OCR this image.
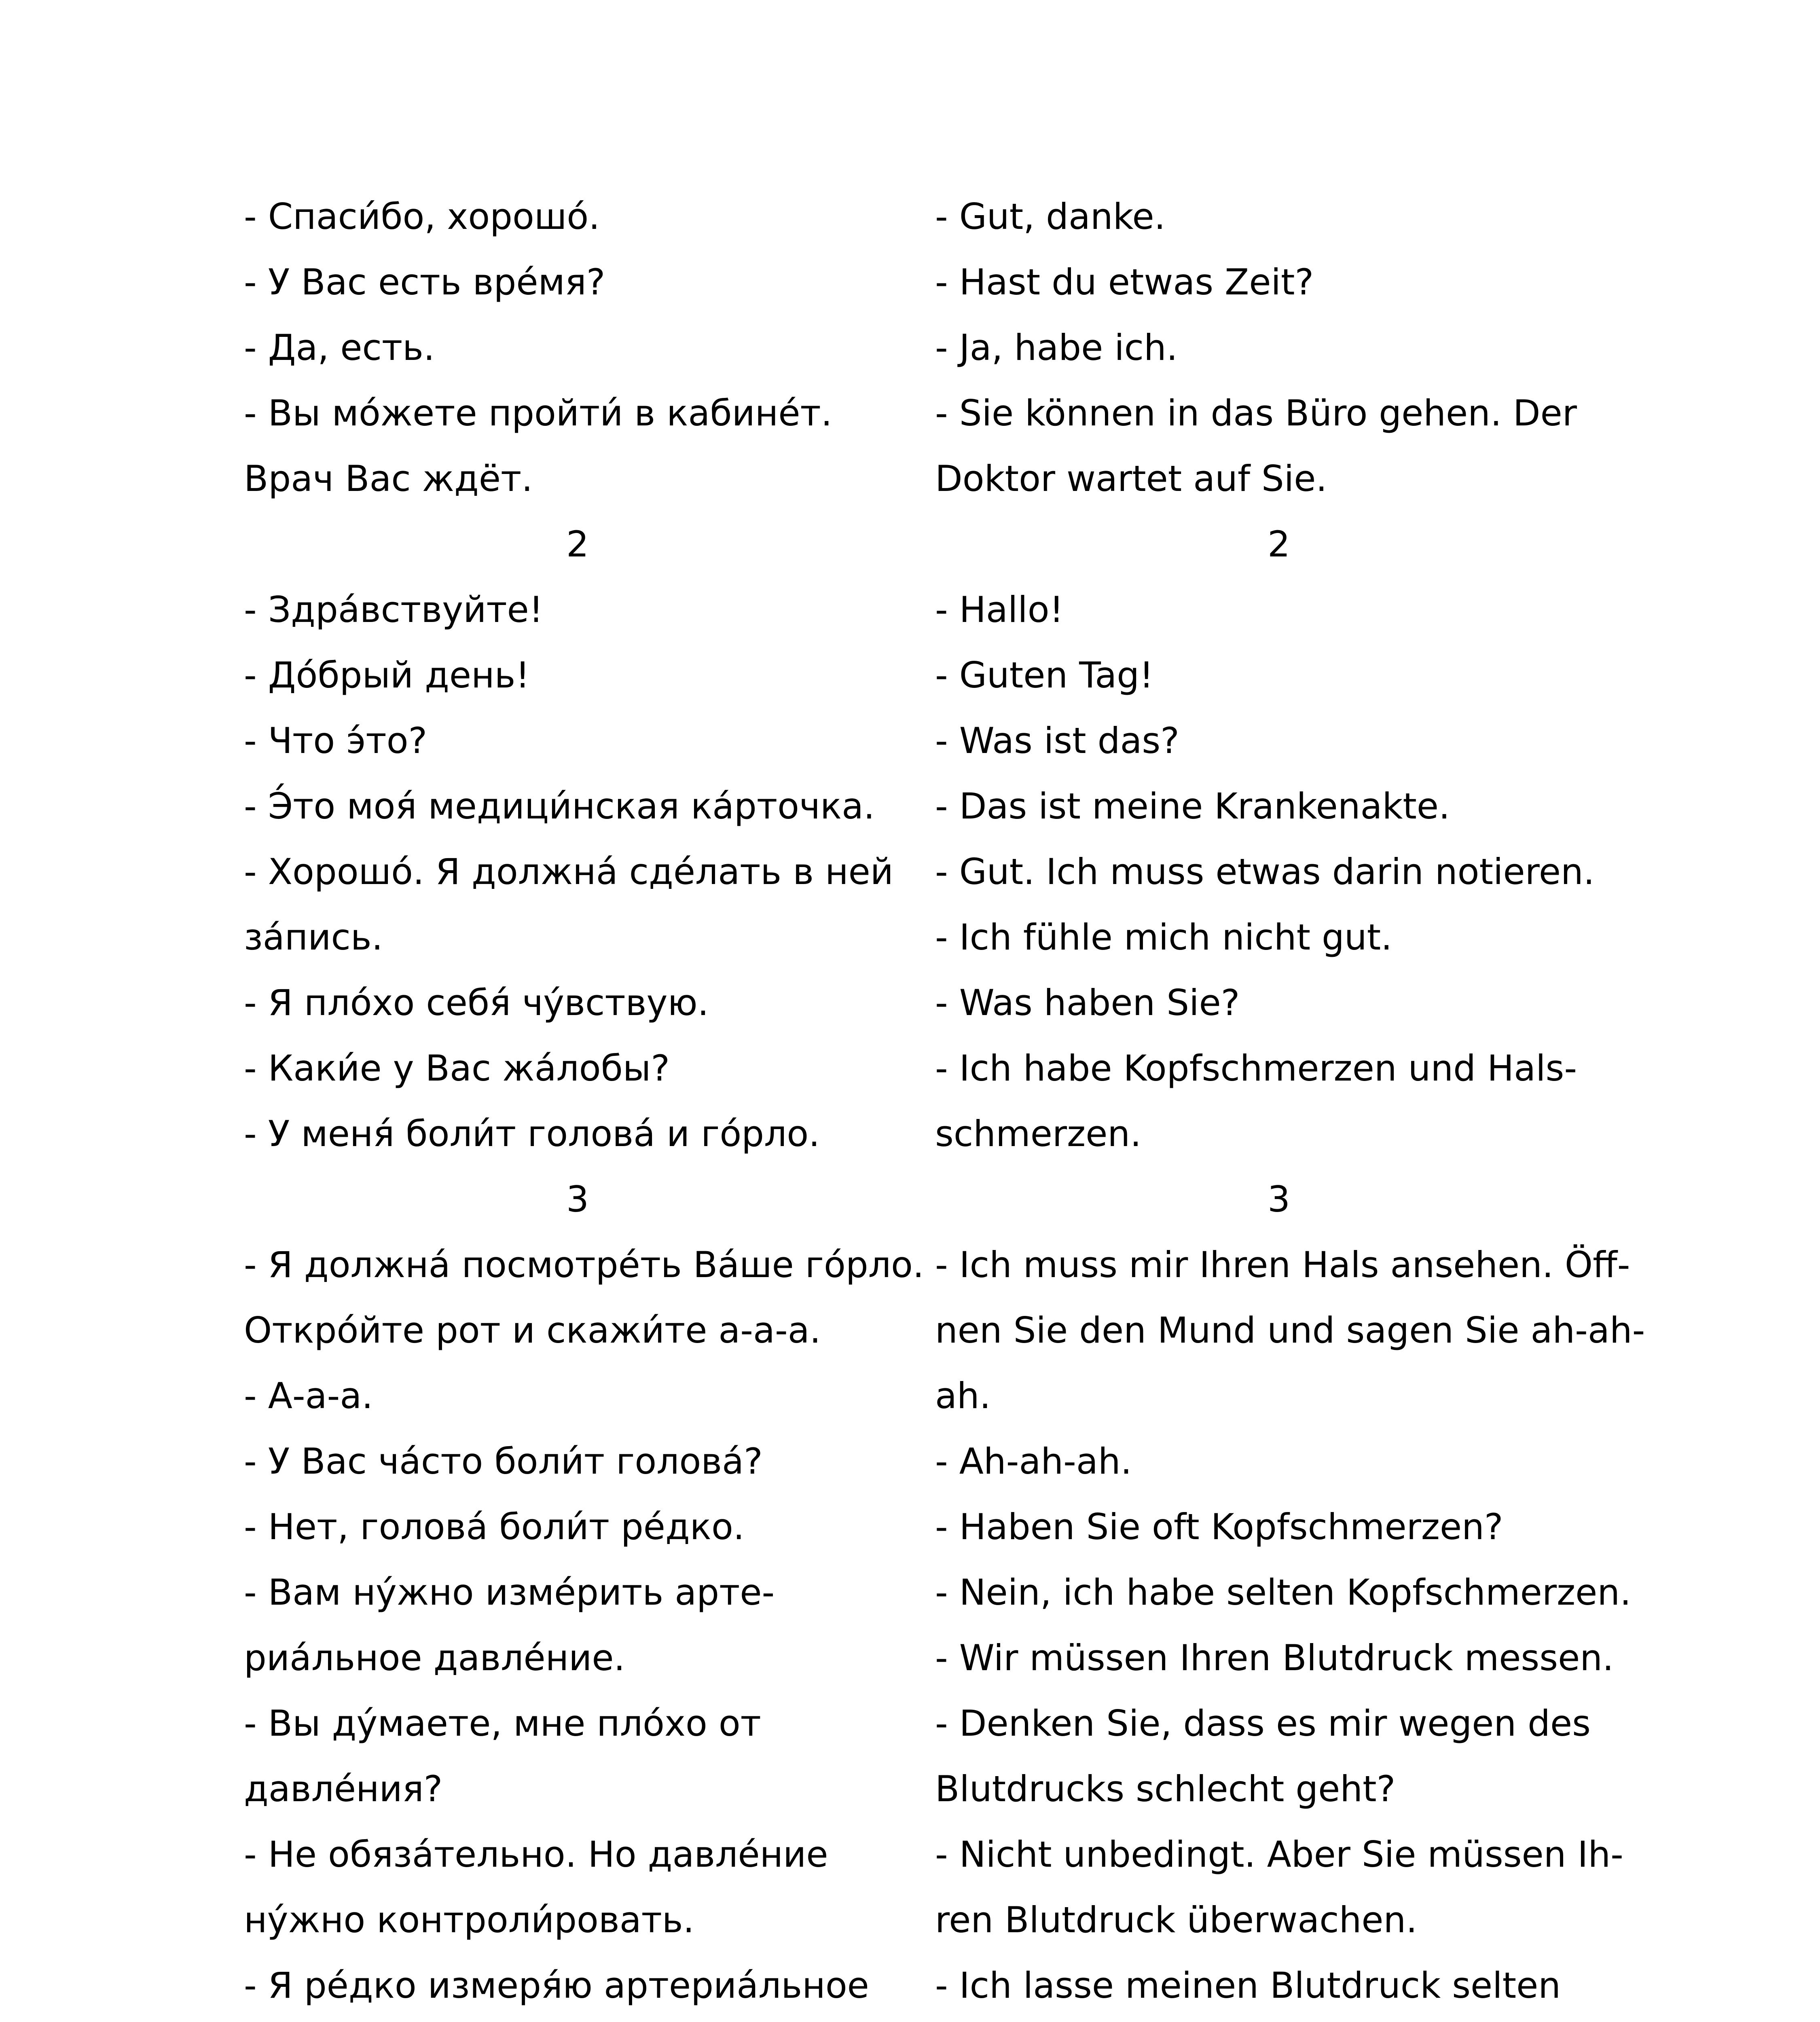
- Спаси́бо, хорошо́.
- У Вас есть вре́мя?
- Да, есть.
- Вы мо́жете пройти́ в кабине́т.
Врач Вас ждёт.
2
- Здра́вствуйте!
- До́брый день!
- Что э́то?
- Э́то моя́ медици́нская ка́рточка.
- Хорошо́. Я должна́ сде́лать в ней
за́пись.
- Я пло́хо себя́ чу́вствую.
- Каки́е у Вас жа́лобы?
- У меня́ боли́т голова́ и го́рло.
3
- Я должна́ посмотре́ть Ва́ше го́рло.
Откро́йте рот и скажи́те а-а-а.
- А-а-а.
- У Вас ча́сто боли́т голова́?
- Нет, голова́ боли́т ре́дко.
- Вам ну́жно изме́рить арте-
риа́льное давле́ние.
- Вы ду́маете, мне пло́хо от
давле́ния?
- Не обяза́тельно. Но давле́ние
ну́жно контроли́ровать.
- Я ре́дко измеря́ю артериа́льное
- Gut, danke.
- Hast du etwas Zeit?
- Ja, habe ich.
- Sie können in das Büro gehen. Der
Doktor wartet auf Sie.
2
- Hallo!
- Guten Tag!
- Was ist das?
- Das ist meine Krankenakte.
- Gut. Ich muss etwas darin notieren.
- Ich fühle mich nicht gut.
- Was haben Sie?
- Ich habe Kopfschmerzen und Hals-
schmerzen.
3
- Ich muss mir Ihren Hals ansehen. Öff-
nen Sie den Mund und sagen Sie ah-ah-
ah.
- Ah-ah-ah.
- Haben Sie oft Kopfschmerzen?
- Nein, ich habe selten Kopfschmerzen.
- Wir müssen Ihren Blutdruck messen.
- Denken Sie, dass es mir wegen des
Blutdrucks schlecht geht?
- Nicht unbedingt. Aber Sie müssen Ih-
ren Blutdruck überwachen.
- Ich lasse meinen Blutdruck selten
